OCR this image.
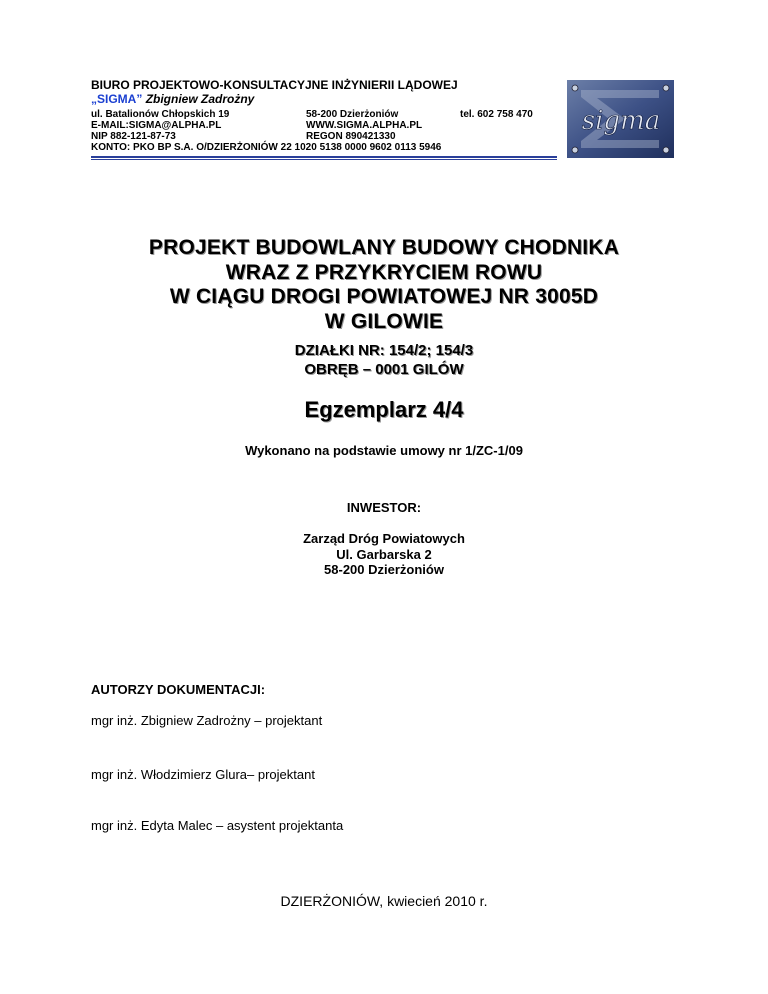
BIURO PROJEKTOWO-KONSULTACYJNE INŻYNIERII LĄDOWEJ
„SIGMA” Zbigniew Zadrożny
ul. Batalionów Chłopskich 19	58-200 Dzierżoniów	tel. 602 758 470
E-MAIL:SIGMA@ALPHA.PL	WWW.SIGMA.ALPHA.PL
NIP 882-121-87-73	REGON 890421330
KONTO: PKO BP S.A. O/DZIERŻONIÓW 22 1020 5138 0000 9602 0113 5946
sigma
PROJEKT BUDOWLANY BUDOWY CHODNIKA
WRAZ Z PRZYKRYCIEM ROWU
W CIĄGU DROGI POWIATOWEJ NR 3005D
W GILOWIE
DZIAŁKI NR: 154/2; 154/3
OBRĘB – 0001 GILÓW
Egzemplarz 4/4
Wykonano na podstawie umowy nr 1/ZC-1/09
INWESTOR:
Zarząd Dróg Powiatowych
Ul. Garbarska 2
58-200 Dzierżoniów
AUTORZY DOKUMENTACJI:
mgr inż. Zbigniew Zadrożny – projektant
mgr inż. Włodzimierz Glura– projektant
mgr inż. Edyta Malec – asystent projektanta
DZIERŻONIÓW, kwiecień 2010 r.
